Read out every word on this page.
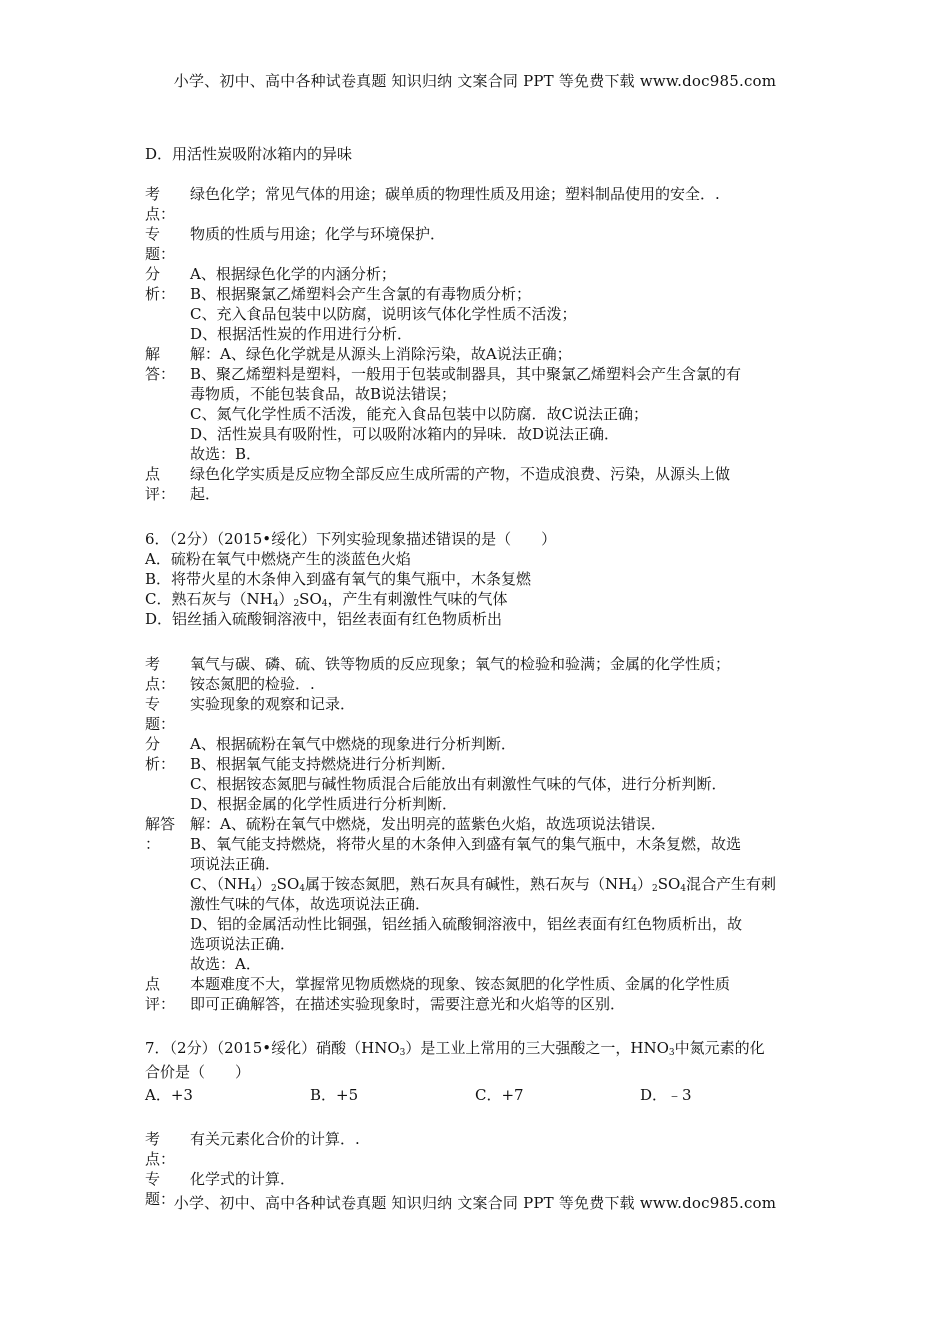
小学、初中、高中各种试卷真题 知识归纳 文案合同 PPT 等免费下载 www.doc985.com
D．用活性炭吸附冰箱内的异味
考
点：
绿色化学；常见气体的用途；碳单质的物理性质及用途；塑料制品使用的安全．.
专
题：
物质的性质与用途；化学与环境保护．
分
析：
A、根据绿色化学的内涵分析；
B、根据聚氯乙烯塑料会产生含氯的有毒物质分析；
C、充入食品包装中以防腐，说明该气体化学性质不活泼；
D、根据活性炭的作用进行分析．
解
答：
解：A、绿色化学就是从源头上消除污染，故A说法正确；
B、聚乙烯塑料是塑料，一般用于包装或制器具，其中聚氯乙烯塑料会产生含氯的有
毒物质，不能包装食品，故B说法错误；
C、氮气化学性质不活泼，能充入食品包装中以防腐．故C说法正确；
D、活性炭具有吸附性，可以吸附冰箱内的异味．故D说法正确．
故选：B．
点
评：
绿色化学实质是反应物全部反应生成所需的产物，不造成浪费、污染，从源头上做
起．
6．（2分）（2015•绥化）下列实验现象描述错误的是（　　）
A．硫粉在氧气中燃烧产生的淡蓝色火焰
B．将带火星的木条伸入到盛有氧气的集气瓶中，木条复燃
C．熟石灰与$(NH_4)_2SO_4$，产生有刺激性气味的气体
D．铝丝插入硫酸铜溶液中，铝丝表面有红色物质析出
考
点：
氧气与碳、磷、硫、铁等物质的反应现象；氧气的检验和验满；金属的化学性质；
铵态氮肥的检验．.
专
题：
实验现象的观察和记录．
分
析：
A、根据硫粉在氧气中燃烧的现象进行分析判断．
B、根据氧气能支持燃烧进行分析判断．
C、根据铵态氮肥与碱性物质混合后能放出有刺激性气味的气体，进行分析判断．
D、根据金属的化学性质进行分析判断．
解答
：
解：A、硫粉在氧气中燃烧，发出明亮的蓝紫色火焰，故选项说法错误．
B、氧气能支持燃烧，将带火星的木条伸入到盛有氧气的集气瓶中，木条复燃，故选
项说法正确．
C、$(NH_4)_2SO_4$属于铵态氮肥，熟石灰具有碱性，熟石灰与$(NH_4)_2SO_4$混合产生有刺
激性气味的气体，故选项说法正确．
D、铝的金属活动性比铜强，铝丝插入硫酸铜溶液中，铝丝表面有红色物质析出，故
选项说法正确．
故选：A．
点
评：
本题难度不大，掌握常见物质燃烧的现象、铵态氮肥的化学性质、金属的化学性质
即可正确解答，在描述实验现象时，需要注意光和火焰等的区别．
7．（2分）（2015•绥化）硝酸$(HNO_3)$是工业上常用的三大强酸之一，$HNO_3$中氮元素的化
合价是（　　）
A．+3	B．+5	C．+7	D．﹣3
考
点：
有关元素化合价的计算．.
专
题：
化学式的计算．
小学、初中、高中各种试卷真题 知识归纳 文案合同 PPT 等免费下载 www.doc985.com
